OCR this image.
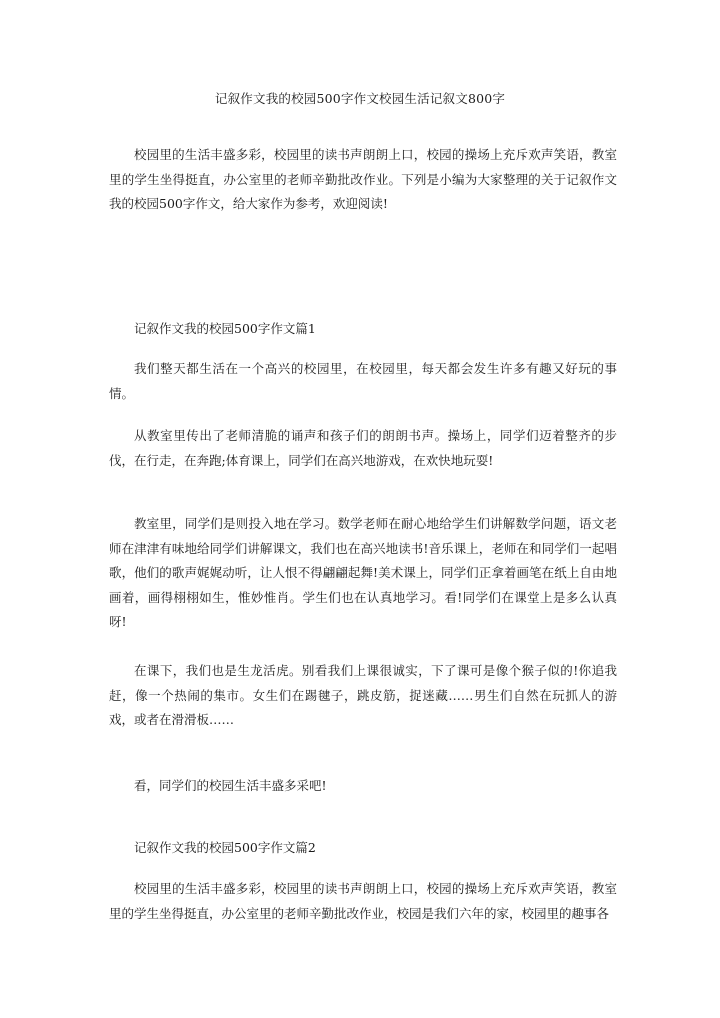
记叙作文我的校园500字作文校园生活记叙文800字

校园里的生活丰盛多彩，校园里的读书声朗朗上口，校园的操场上充斥欢声笑语，教室里的学生坐得挺直，办公室里的老师辛勤批改作业。下列是小编为大家整理的关于记叙作文我的校园500字作文，给大家作为参考，欢迎阅读!

记叙作文我的校园500字作文篇1

我们整天都生活在一个高兴的校园里，在校园里，每天都会发生许多有趣又好玩的事情。

从教室里传出了老师清脆的诵声和孩子们的朗朗书声。操场上，同学们迈着整齐的步伐，在行走，在奔跑;体育课上，同学们在高兴地游戏，在欢快地玩耍!

教室里，同学们是则投入地在学习。数学老师在耐心地给学生们讲解数学问题，语文老师在津津有味地给同学们讲解课文，我们也在高兴地读书!音乐课上，老师在和同学们一起唱歌，他们的歌声娓娓动听，让人恨不得翩翩起舞!美术课上，同学们正拿着画笔在纸上自由地画着，画得栩栩如生，惟妙惟肖。学生们也在认真地学习。看!同学们在课堂上是多么认真呀!

在课下，我们也是生龙活虎。别看我们上课很诚实，下了课可是像个猴子似的!你追我赶，像一个热闹的集市。女生们在踢毽子，跳皮筋，捉迷藏……男生们自然在玩抓人的游戏，或者在滑滑板……

看，同学们的校园生活丰盛多采吧!

记叙作文我的校园500字作文篇2

校园里的生活丰盛多彩，校园里的读书声朗朗上口，校园的操场上充斥欢声笑语，教室里的学生坐得挺直，办公室里的老师辛勤批改作业，校园是我们六年的家，校园里的趣事各
